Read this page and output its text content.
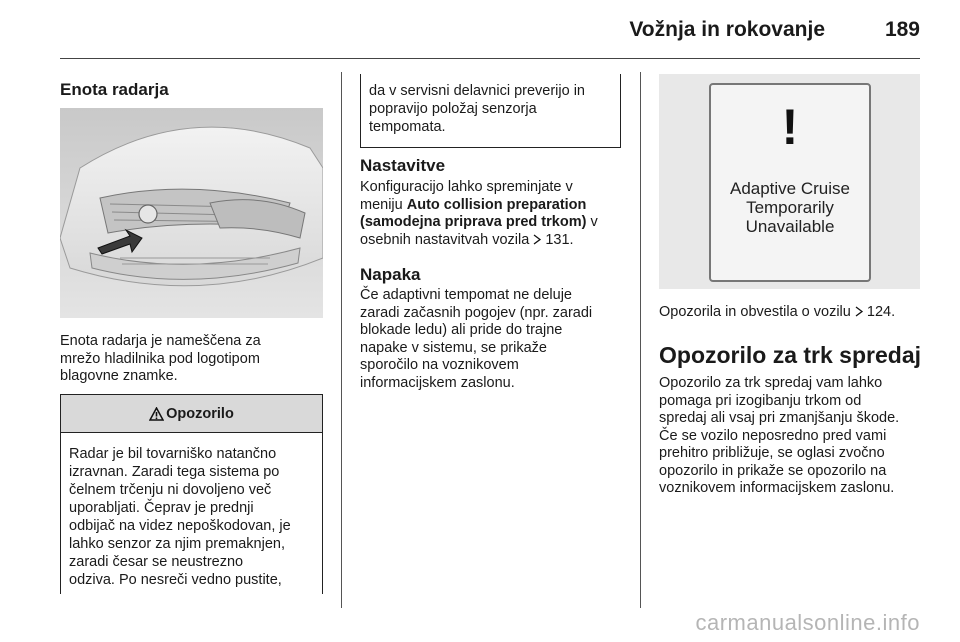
Vožnja in rokovanje	189
Enota radarja
Enota radarja je nameščena za
mrežo hladilnika pod logotipom
blagovne znamke.
Opozorilo
Radar je bil tovarniško natančno
izravnan. Zaradi tega sistema po
čelnem trčenju ni dovoljeno več
uporabljati. Čeprav je prednji
odbijač na videz nepoškodovan, je
lahko senzor za njim premaknjen,
zaradi česar se neustrezno
odziva. Po nesreči vedno pustite,
da v servisni delavnici preverijo in
popravijo položaj senzorja
tempomata.
Nastavitve
Konfiguracijo lahko spreminjate v
meniju Auto collision preparation
(samodejna priprava pred trkom) v
osebnih nastavitvah vozila  131.
Napaka
Če adaptivni tempomat ne deluje
zaradi začasnih pogojev (npr. zaradi
blokade ledu) ali pride do trajne
napake v sistemu, se prikaže
sporočilo na voznikovem
informacijskem zaslonu.
!
Adaptive Cruise
Temporarily
Unavailable
Opozorila in obvestila o vozilu  124.
Opozorilo za trk spredaj
Opozorilo za trk spredaj vam lahko
pomaga pri izogibanju trkom od
spredaj ali vsaj pri zmanjšanju škode.
Če se vozilo neposredno pred vami
prehitro približuje, se oglasi zvočno
opozorilo in prikaže se opozorilo na
voznikovem informacijskem zaslonu.
carmanualsonline.info
